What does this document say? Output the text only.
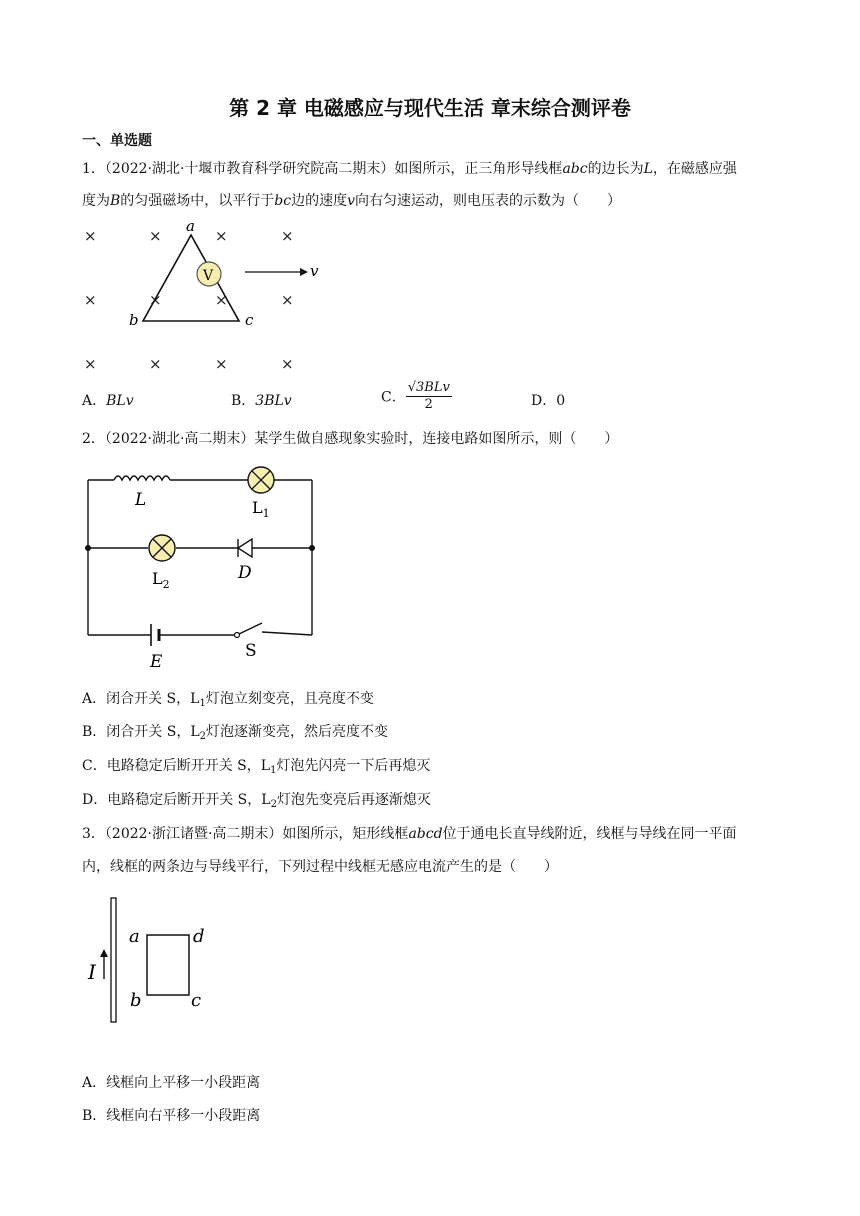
第 2 章 电磁感应与现代生活 章末综合测评卷
一、单选题
1．（2022·湖北·十堰市教育科学研究院高二期末）如图所示，正三角形导线框abc的边长为L，在磁感应强
度为B的匀强磁场中，以平行于bc边的速度v向右匀速运动，则电压表的示数为（　　）
×	×	×	×
×	×	×	×
×	×	×	×
V	v
a
b	c
A．BLv	B．3BLv	C． $\frac{\text{√3BLv}}{2}$	D．0
2．（2022·湖北·高二期末）某学生做自感现象实验时，连接电路如图所示，则（　　）
L	$L_1$
$L_2$
D
E
S
A．闭合开关 S，$L_1$灯泡立刻变亮，且亮度不变
B．闭合开关 S，$L_2$灯泡逐渐变亮，然后亮度不变
C．电路稳定后断开开关 S，$L_1$灯泡先闪亮一下后再熄灭
D．电路稳定后断开开关 S，$L_2$灯泡先变亮后再逐渐熄灭
3．（2022·浙江诸暨·高二期末）如图所示，矩形线框abcd位于通电长直导线附近，线框与导线在同一平面
内，线框的两条边与导线平行，下列过程中线框无感应电流产生的是（　　）
I
a	d
b	c
A．线框向上平移一小段距离
B．线框向右平移一小段距离
